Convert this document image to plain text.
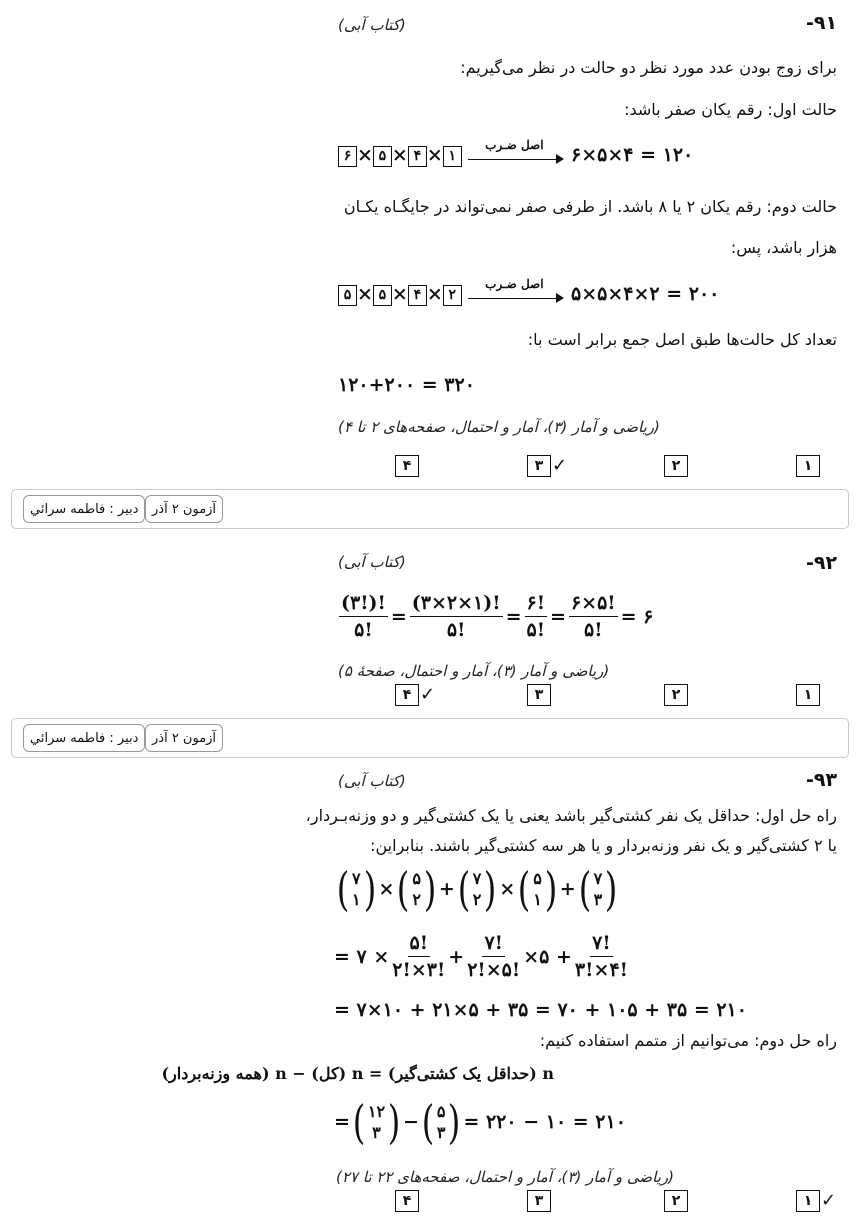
-۹۱
(کتاب آبی)
برای زوج بودن عدد مورد نظر دو حالت در نظر می‌گیریم:
حالت اول: رقم یکان صفر باشد:
۶ × ۵ × ۴ × ۱
اصل ضـرب	۶×۵×۴ = ۱۲۰
حالت دوم: رقم یکان ۲ یا ۸ باشد. از طرفی صفر نمی‌تواند در جایگـاه یکـان
هزار باشد، پس:
۵ × ۵ × ۴ × ۲
اصل ضـرب	۵×۵×۴×۲ = ۲۰۰
تعداد کل حالت‌ها طبق اصل جمع برابر است با:
۱۲۰+۲۰۰ = ۳۲۰
(ریاضی و آمار (۳)، آمار و احتمال، صفحه‌های ۲ تا ۴)
۴	۳ ✓	۲	۱
آزمون ۲ آذر
دبیر : فاطمه سرائي
-۹۲
(کتاب آبی)
$\frac{(۳!)!}{۵!} = \frac{(۳\times ۲\times ۱)!}{۵!} = \frac{۶!}{۵!} = \frac{۶\times ۵!}{۵!}$ = ۶
(ریاضی و آمار (۳)، آمار و احتمال، صفحهٔ ۵)
۴ ✓	۳	۲	۱
آزمون ۲ آذر
دبیر : فاطمه سرائي
-۹۳
(کتاب آبی)
راه حل اول: حداقل یک نفر کشتی‌گیر باشد یعنی یا یک کشتی‌گیر و دو وزنه‌بـردار،
یا ۲ کشتی‌گیر و یک نفر وزنه‌بردار و یا هر سه کشتی‌گیر باشند. بنابراین:
( ۷
۱ ) × ( ۵
۲ ) + ( ۷
۲ ) × ( ۵
۱ ) + ( ۷
۳ )
= ۷ × $\frac{۵!}{۲!\times ۳!} + \frac{۷!}{۲!\times ۵!}$ ×۵ + $\frac{۷!}{۳!\times ۴!}$
= ۷×۱۰ + ۲۱×۵ + ۳۵ = ۷۰ + ۱۰۵ + ۳۵ = ۲۱۰
راه حل دوم: می‌توانیم از متمم استفاده کنیم:
n (حداقل یک کشتی‌گیر) = n (کل) − n (همه وزنه‌بردار)
= ( ۱۲
۳ ) − ( ۵
۳ ) = ۲۲۰ − ۱۰ = ۲۱۰
(ریاضی و آمار (۳)، آمار و احتمال، صفحه‌های ۲۲ تا ۲۷)
۴	۳	۲	۱ ✓
